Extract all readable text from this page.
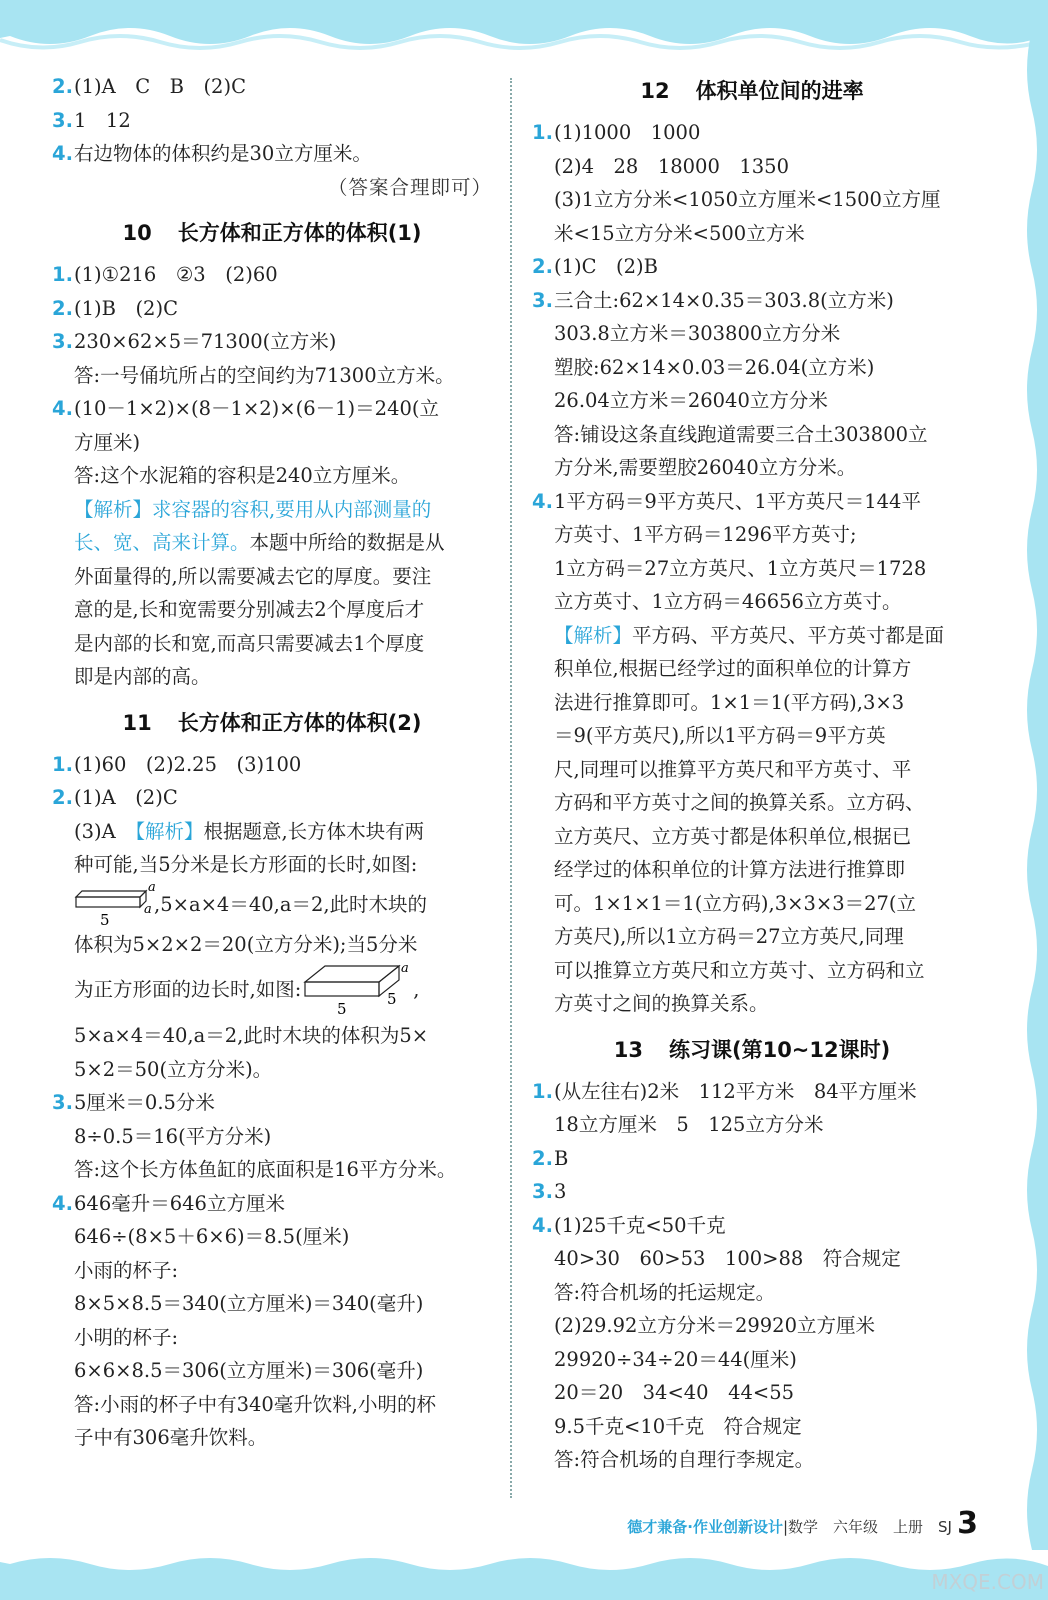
2.(1)A　C　B　(2)C
3.1　12
4.右边物体的体积约是30立方厘米。
（答案合理即可）
10 长方体和正方体的体积(1)
1.(1)①216　②3　(2)60
2.(1)B　(2)C
3.230×62×5＝71300(立方米)
答:一号俑坑所占的空间约为71300立方米。
4.(10－1×2)×(8－1×2)×(6－1)＝240(立
方厘米)
答:这个水泥箱的容积是240立方厘米。
【解析】求容器的容积,要用从内部测量的
长、宽、高来计算。本题中所给的数据是从
外面量得的,所以需要减去它的厚度。要注
意的是,长和宽需要分别减去2个厚度后才
是内部的长和宽,而高只需要减去1个厚度
即是内部的高。
11 长方体和正方体的体积(2)
1.(1)60　(2)2.25　(3)100
2.(1)A　(2)C
(3)A　【解析】根据题意,长方体木块有两
种可能,当5分米是长方形面的长时,如图:
5
a
a ,5×a×4＝40,a＝2,此时木块的
体积为5×2×2＝20(立方分米);当5分米
为正方形面的边长时,如图:
5
5
a
,
5×a×4＝40,a＝2,此时木块的体积为5×
5×2＝50(立方分米)。
3.5厘米＝0.5分米
8÷0.5＝16(平方分米)
答:这个长方体鱼缸的底面积是16平方分米。
4.646毫升＝646立方厘米
646÷(8×5＋6×6)＝8.5(厘米)
小雨的杯子:
8×5×8.5＝340(立方厘米)＝340(毫升)
小明的杯子:
6×6×8.5＝306(立方厘米)＝306(毫升)
答:小雨的杯子中有340毫升饮料,小明的杯
子中有306毫升饮料。
12 体积单位间的进率
1.(1)1000　1000
(2)4　28　18000　1350
(3)1立方分米<1050立方厘米<1500立方厘
米<15立方分米<500立方米
2.(1)C　(2)B
3.三合土:62×14×0.35＝303.8(立方米)
303.8立方米＝303800立方分米
塑胶:62×14×0.03＝26.04(立方米)
26.04立方米＝26040立方分米
答:铺设这条直线跑道需要三合土303800立
方分米,需要塑胶26040立方分米。
4.1平方码＝9平方英尺、1平方英尺＝144平
方英寸、1平方码＝1296平方英寸;
1立方码＝27立方英尺、1立方英尺＝1728
立方英寸、1立方码＝46656立方英寸。
【解析】平方码、平方英尺、平方英寸都是面
积单位,根据已经学过的面积单位的计算方
法进行推算即可。1×1＝1(平方码),3×3
＝9(平方英尺),所以1平方码＝9平方英
尺,同理可以推算平方英尺和平方英寸、平
方码和平方英寸之间的换算关系。立方码、
立方英尺、立方英寸都是体积单位,根据已
经学过的体积单位的计算方法进行推算即
可。1×1×1＝1(立方码),3×3×3＝27(立
方英尺),所以1立方码＝27立方英尺,同理
可以推算立方英尺和立方英寸、立方码和立
方英寸之间的换算关系。
13 练习课(第10~12课时)
1.(从左往右)2米　112平方米　84平方厘米
18立方厘米　5　125立方分米
2.B
3.3
4.(1)25千克<50千克
40>30　60>53　100>88　符合规定
答:符合机场的托运规定。
(2)29.92立方分米＝29920立方厘米
29920÷34÷20＝44(厘米)
20＝20　34<40　44<55
9.5千克<10千克　符合规定
答:符合机场的自理行李规定。
德才兼备·作业创新设计|数学　六年级　上册　SJ 3
MXQE.COM
